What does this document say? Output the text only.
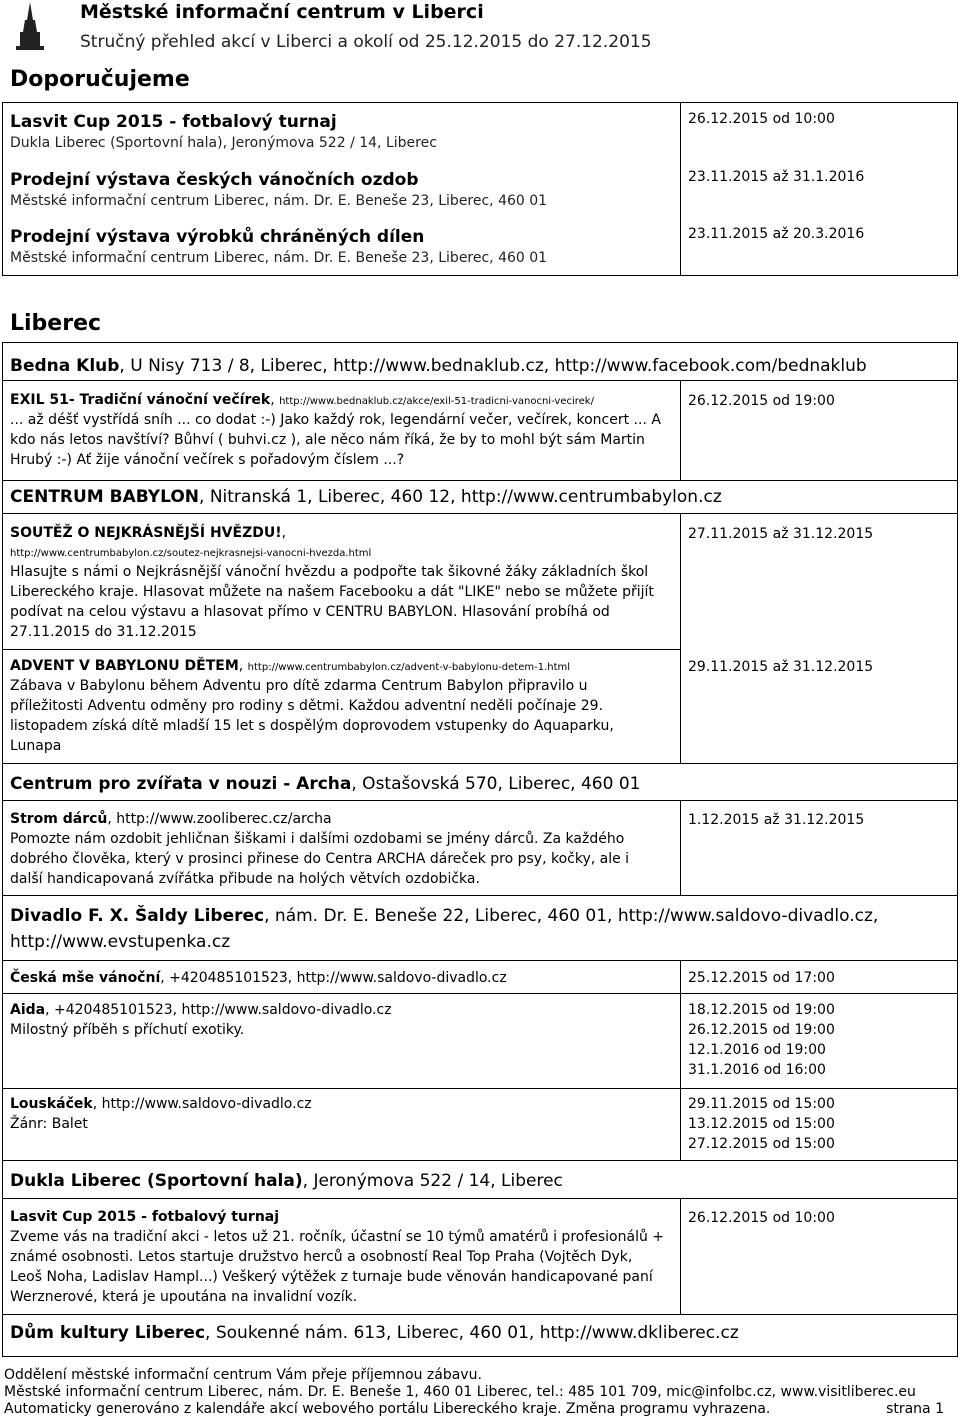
Městské informační centrum v Liberci
Stručný přehled akcí v Liberci a okolí od 25.12.2015 do 27.12.2015
Doporučujeme
Lasvit Cup 2015 - fotbalový turnaj
Dukla Liberec (Sportovní hala), Jeronýmova 522 / 14, Liberec
26.12.2015 od 10:00
Prodejní výstava českých vánočních ozdob
Městské informační centrum Liberec, nám. Dr. E. Beneše 23, Liberec, 460 01
23.11.2015 až 31.1.2016
Prodejní výstava výrobků chráněných dílen
Městské informační centrum Liberec, nám. Dr. E. Beneše 23, Liberec, 460 01
23.11.2015 až 20.3.2016
Liberec
Bedna Klub, U Nisy 713 / 8, Liberec, http://www.bednaklub.cz, http://www.facebook.com/bednaklub
EXIL 51- Tradiční vánoční večírek, http://www.bednaklub.cz/akce/exil-51-tradicni-vanocni-vecirek/
... až déšť vystřídá sníh ... co dodat :-) Jako každý rok, legendární večer, večírek, koncert ... A
kdo nás letos navštíví? Bůhví ( buhvi.cz ), ale něco nám říká, že by to mohl být sám Martin
Hrubý :-) Ať žije vánoční večírek s pořadovým číslem ...?
26.12.2015 od 19:00
CENTRUM BABYLON, Nitranská 1, Liberec, 460 12, http://www.centrumbabylon.cz
SOUTĚŽ O NEJKRÁSNĚJŠÍ HVĚZDU!,
http://www.centrumbabylon.cz/soutez-nejkrasnejsi-vanocni-hvezda.html
Hlasujte s námi o Nejkrásnější vánoční hvězdu a podpořte tak šikovné žáky základních škol
Libereckého kraje. Hlasovat můžete na našem Facebooku a dát "LIKE" nebo se můžete přijít
podívat na celou výstavu a hlasovat přímo v CENTRU BABYLON. Hlasování probíhá od
27.11.2015 do 31.12.2015
27.11.2015 až 31.12.2015
ADVENT V BABYLONU DĚTEM, http://www.centrumbabylon.cz/advent-v-babylonu-detem-1.html
Zábava v Babylonu během Adventu pro dítě zdarma Centrum Babylon připravilo u
příležitosti Adventu odměny pro rodiny s dětmi. Každou adventní neděli počínaje 29.
listopadem získá dítě mladší 15 let s dospělým doprovodem vstupenky do Aquaparku,
Lunapa
29.11.2015 až 31.12.2015
Centrum pro zvířata v nouzi - Archa, Ostašovská 570, Liberec, 460 01
Strom dárců, http://www.zooliberec.cz/archa
Pomozte nám ozdobit jehličnan šiškami i dalšími ozdobami se jmény dárců. Za každého
dobrého člověka, který v prosinci přinese do Centra ARCHA dáreček pro psy, kočky, ale i
další handicapovaná zvířátka přibude na holých větvích ozdobička.
1.12.2015 až 31.12.2015
Divadlo F. X. Šaldy Liberec, nám. Dr. E. Beneše 22, Liberec, 460 01, http://www.saldovo-divadlo.cz,
http://www.evstupenka.cz
Česká mše vánoční, +420485101523, http://www.saldovo-divadlo.cz	25.12.2015 od 17:00
Aida, +420485101523, http://www.saldovo-divadlo.cz
Milostný příběh s příchutí exotiky.
18.12.2015 od 19:00
26.12.2015 od 19:00
12.1.2016 od 19:00
31.1.2016 od 16:00
Louskáček, http://www.saldovo-divadlo.cz
Žánr: Balet
29.11.2015 od 15:00
13.12.2015 od 15:00
27.12.2015 od 15:00
Dukla Liberec (Sportovní hala), Jeronýmova 522 / 14, Liberec
Lasvit Cup 2015 - fotbalový turnaj
Zveme vás na tradiční akci - letos už 21. ročník, účastní se 10 týmů amatérů i profesionálů +
známé osobnosti. Letos startuje družstvo herců a osobností Real Top Praha (Vojtěch Dyk,
Leoš Noha, Ladislav Hampl...) Veškerý výtěžek z turnaje bude věnován handicapované paní
Werznerové, která je upoutána na invalidní vozík.
26.12.2015 od 10:00
Dům kultury Liberec, Soukenné nám. 613, Liberec, 460 01, http://www.dkliberec.cz
Oddělení městské informační centrum Vám přeje příjemnou zábavu.
Městské informační centrum Liberec, nám. Dr. E. Beneše 1, 460 01 Liberec, tel.: 485 101 709, mic@infolbc.cz, www.visitliberec.eu
Automaticky generováno z kalendáře akcí webového portálu Libereckého kraje. Změna programu vyhrazena.	strana 1
